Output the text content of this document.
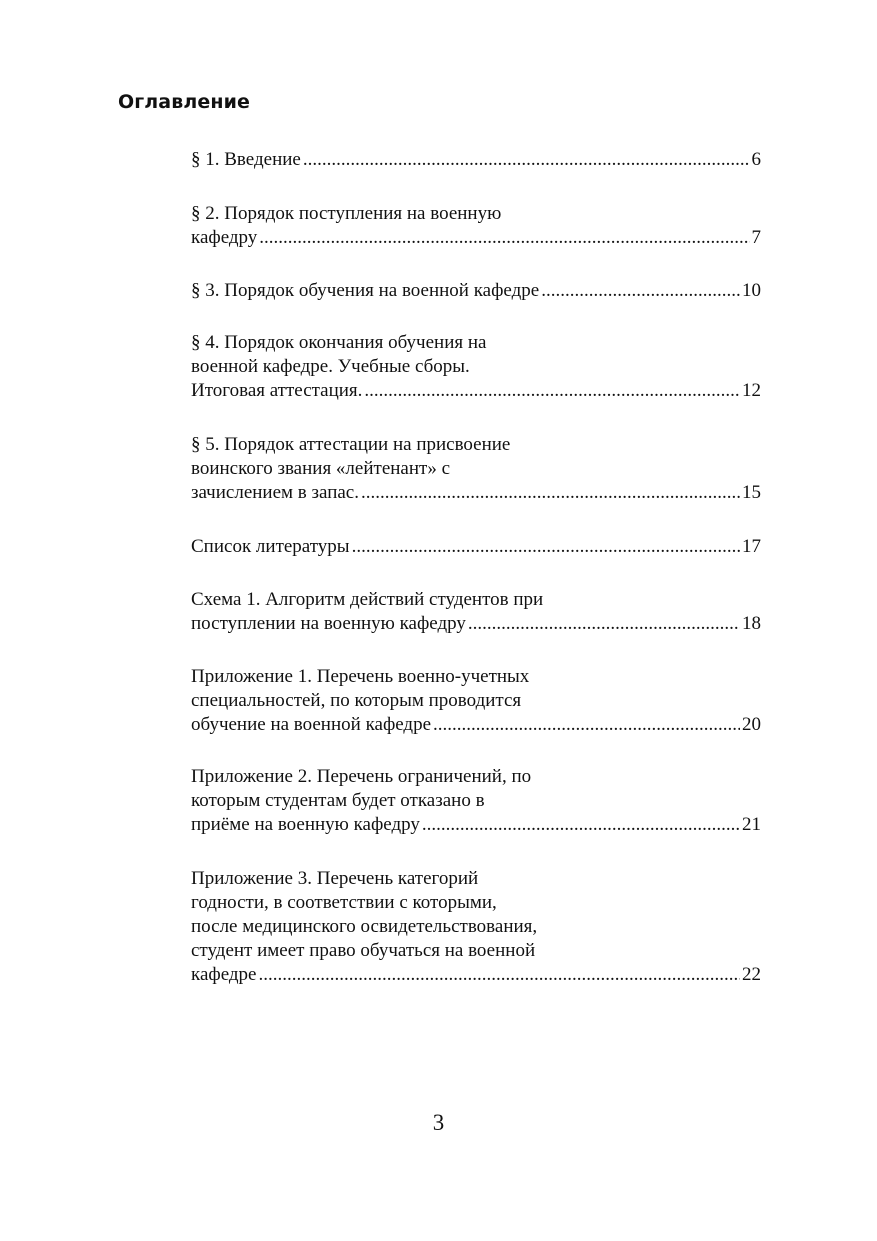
Оглавление
§ 1. Введение .....	6
§ 2. Порядок поступления на военную
кафедру .....	7
§ 3. Порядок обучения на военной кафедре .....	10
§ 4. Порядок окончания обучения на
военной кафедре. Учебные сборы.
Итоговая аттестация. .....	12
§ 5. Порядок аттестации на присвоение
воинского звания «лейтенант» с
зачислением в запас. .....	15
Список литературы .....	17
Схема 1. Алгоритм действий студентов при
поступлении на военную кафедру .....	18
Приложение 1. Перечень военно-учетных
специальностей, по которым проводится
обучение на военной кафедре .....	20
Приложение 2. Перечень ограничений, по
которым студентам будет отказано в
приёме на военную кафедру .....	21
Приложение 3. Перечень категорий
годности, в соответствии с которыми,
после медицинского освидетельствования,
студент имеет право обучаться на военной
кафедре .....	22
3
